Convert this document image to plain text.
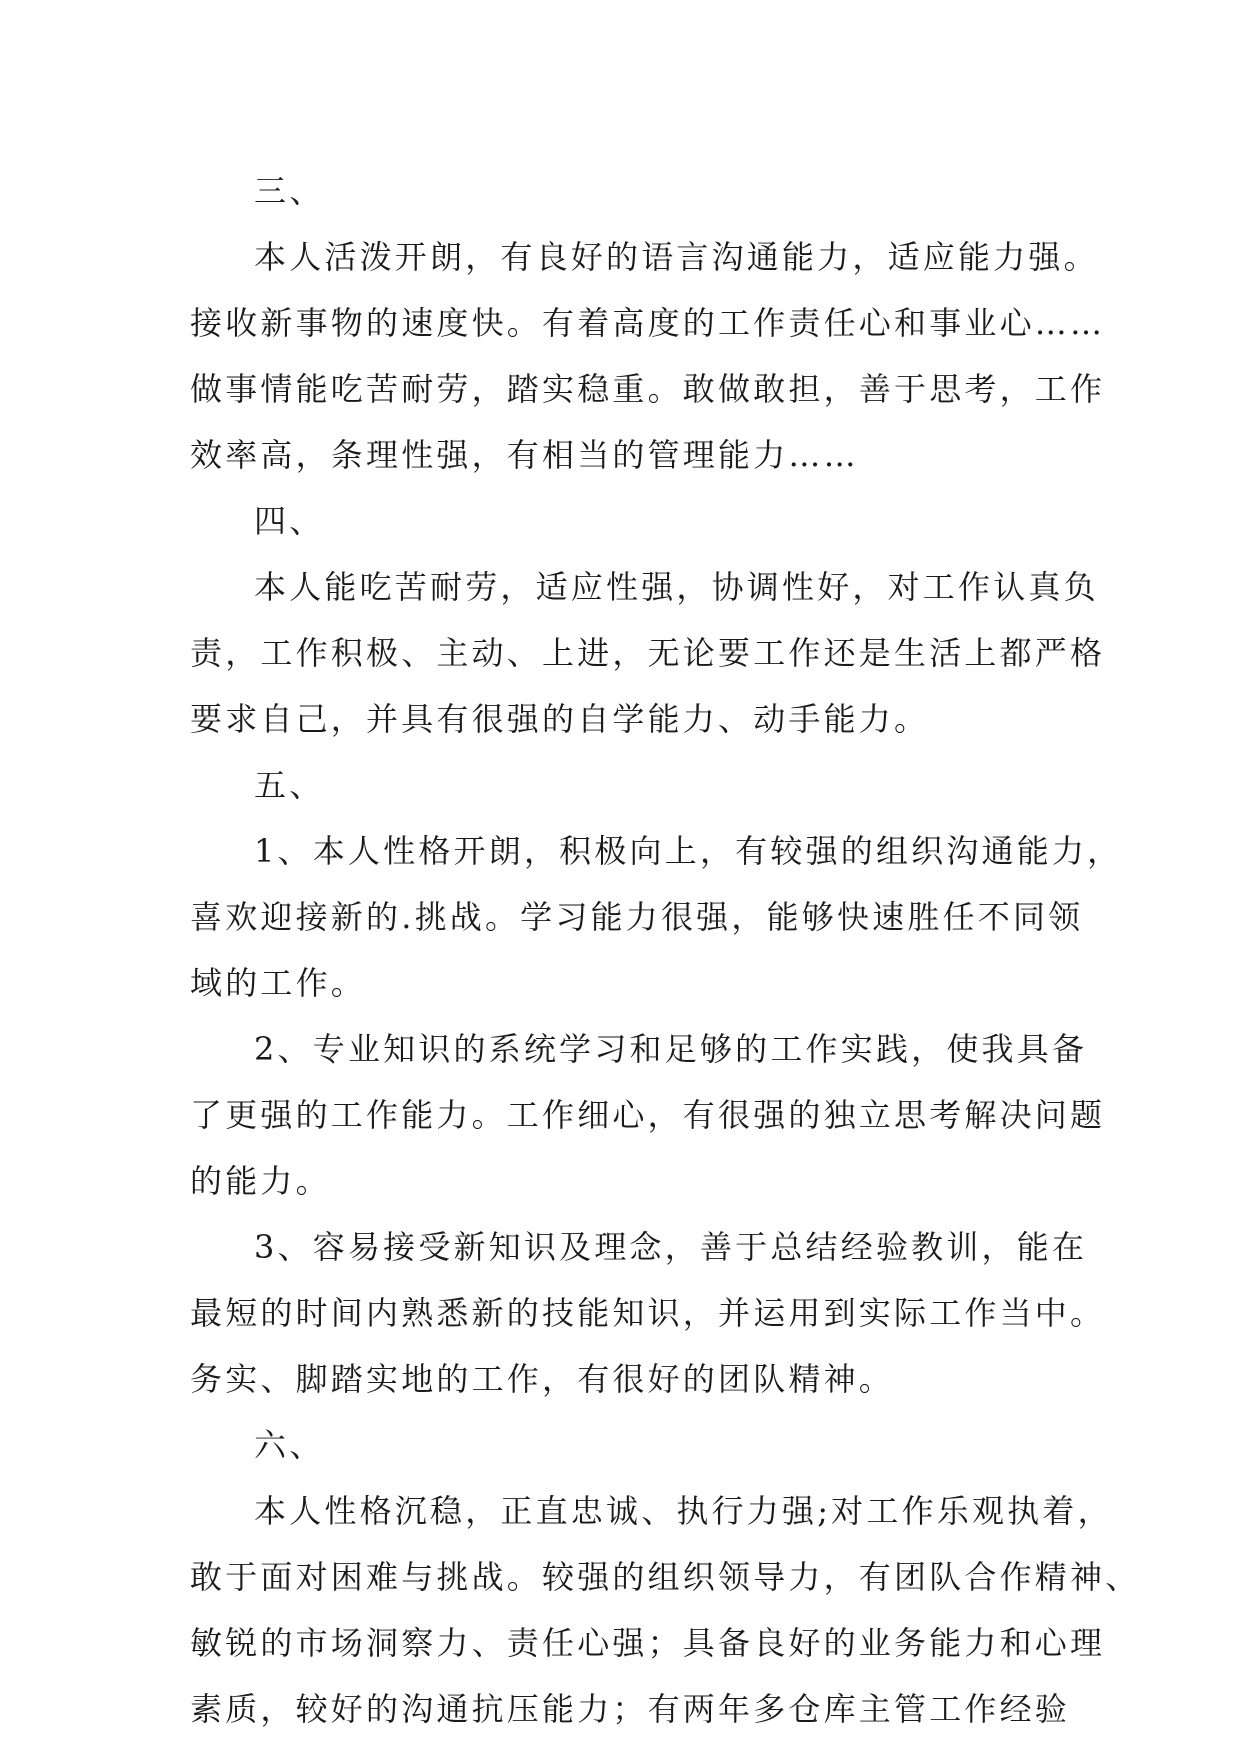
三、
本人活泼开朗，有良好的语言沟通能力，适应能力强。
接收新事物的速度快。有着高度的工作责任心和事业心……
做事情能吃苦耐劳，踏实稳重。敢做敢担，善于思考，工作
效率高，条理性强，有相当的管理能力……
四、
本人能吃苦耐劳，适应性强，协调性好，对工作认真负
责，工作积极、主动、上进，无论要工作还是生活上都严格
要求自己，并具有很强的自学能力、动手能力。
五、
1、本人性格开朗，积极向上，有较强的组织沟通能力，
喜欢迎接新的.挑战。学习能力很强，能够快速胜任不同领
域的工作。
2、专业知识的系统学习和足够的工作实践，使我具备
了更强的工作能力。工作细心，有很强的独立思考解决问题
的能力。
3、容易接受新知识及理念，善于总结经验教训，能在
最短的时间内熟悉新的技能知识，并运用到实际工作当中。
务实、脚踏实地的工作，有很好的团队精神。
六、
本人性格沉稳，正直忠诚、执行力强;对工作乐观执着，
敢于面对困难与挑战。较强的组织领导力，有团队合作精神、
敏锐的市场洞察力、责任心强；具备良好的业务能力和心理
素质，较好的沟通抗压能力；有两年多仓库主管工作经验
